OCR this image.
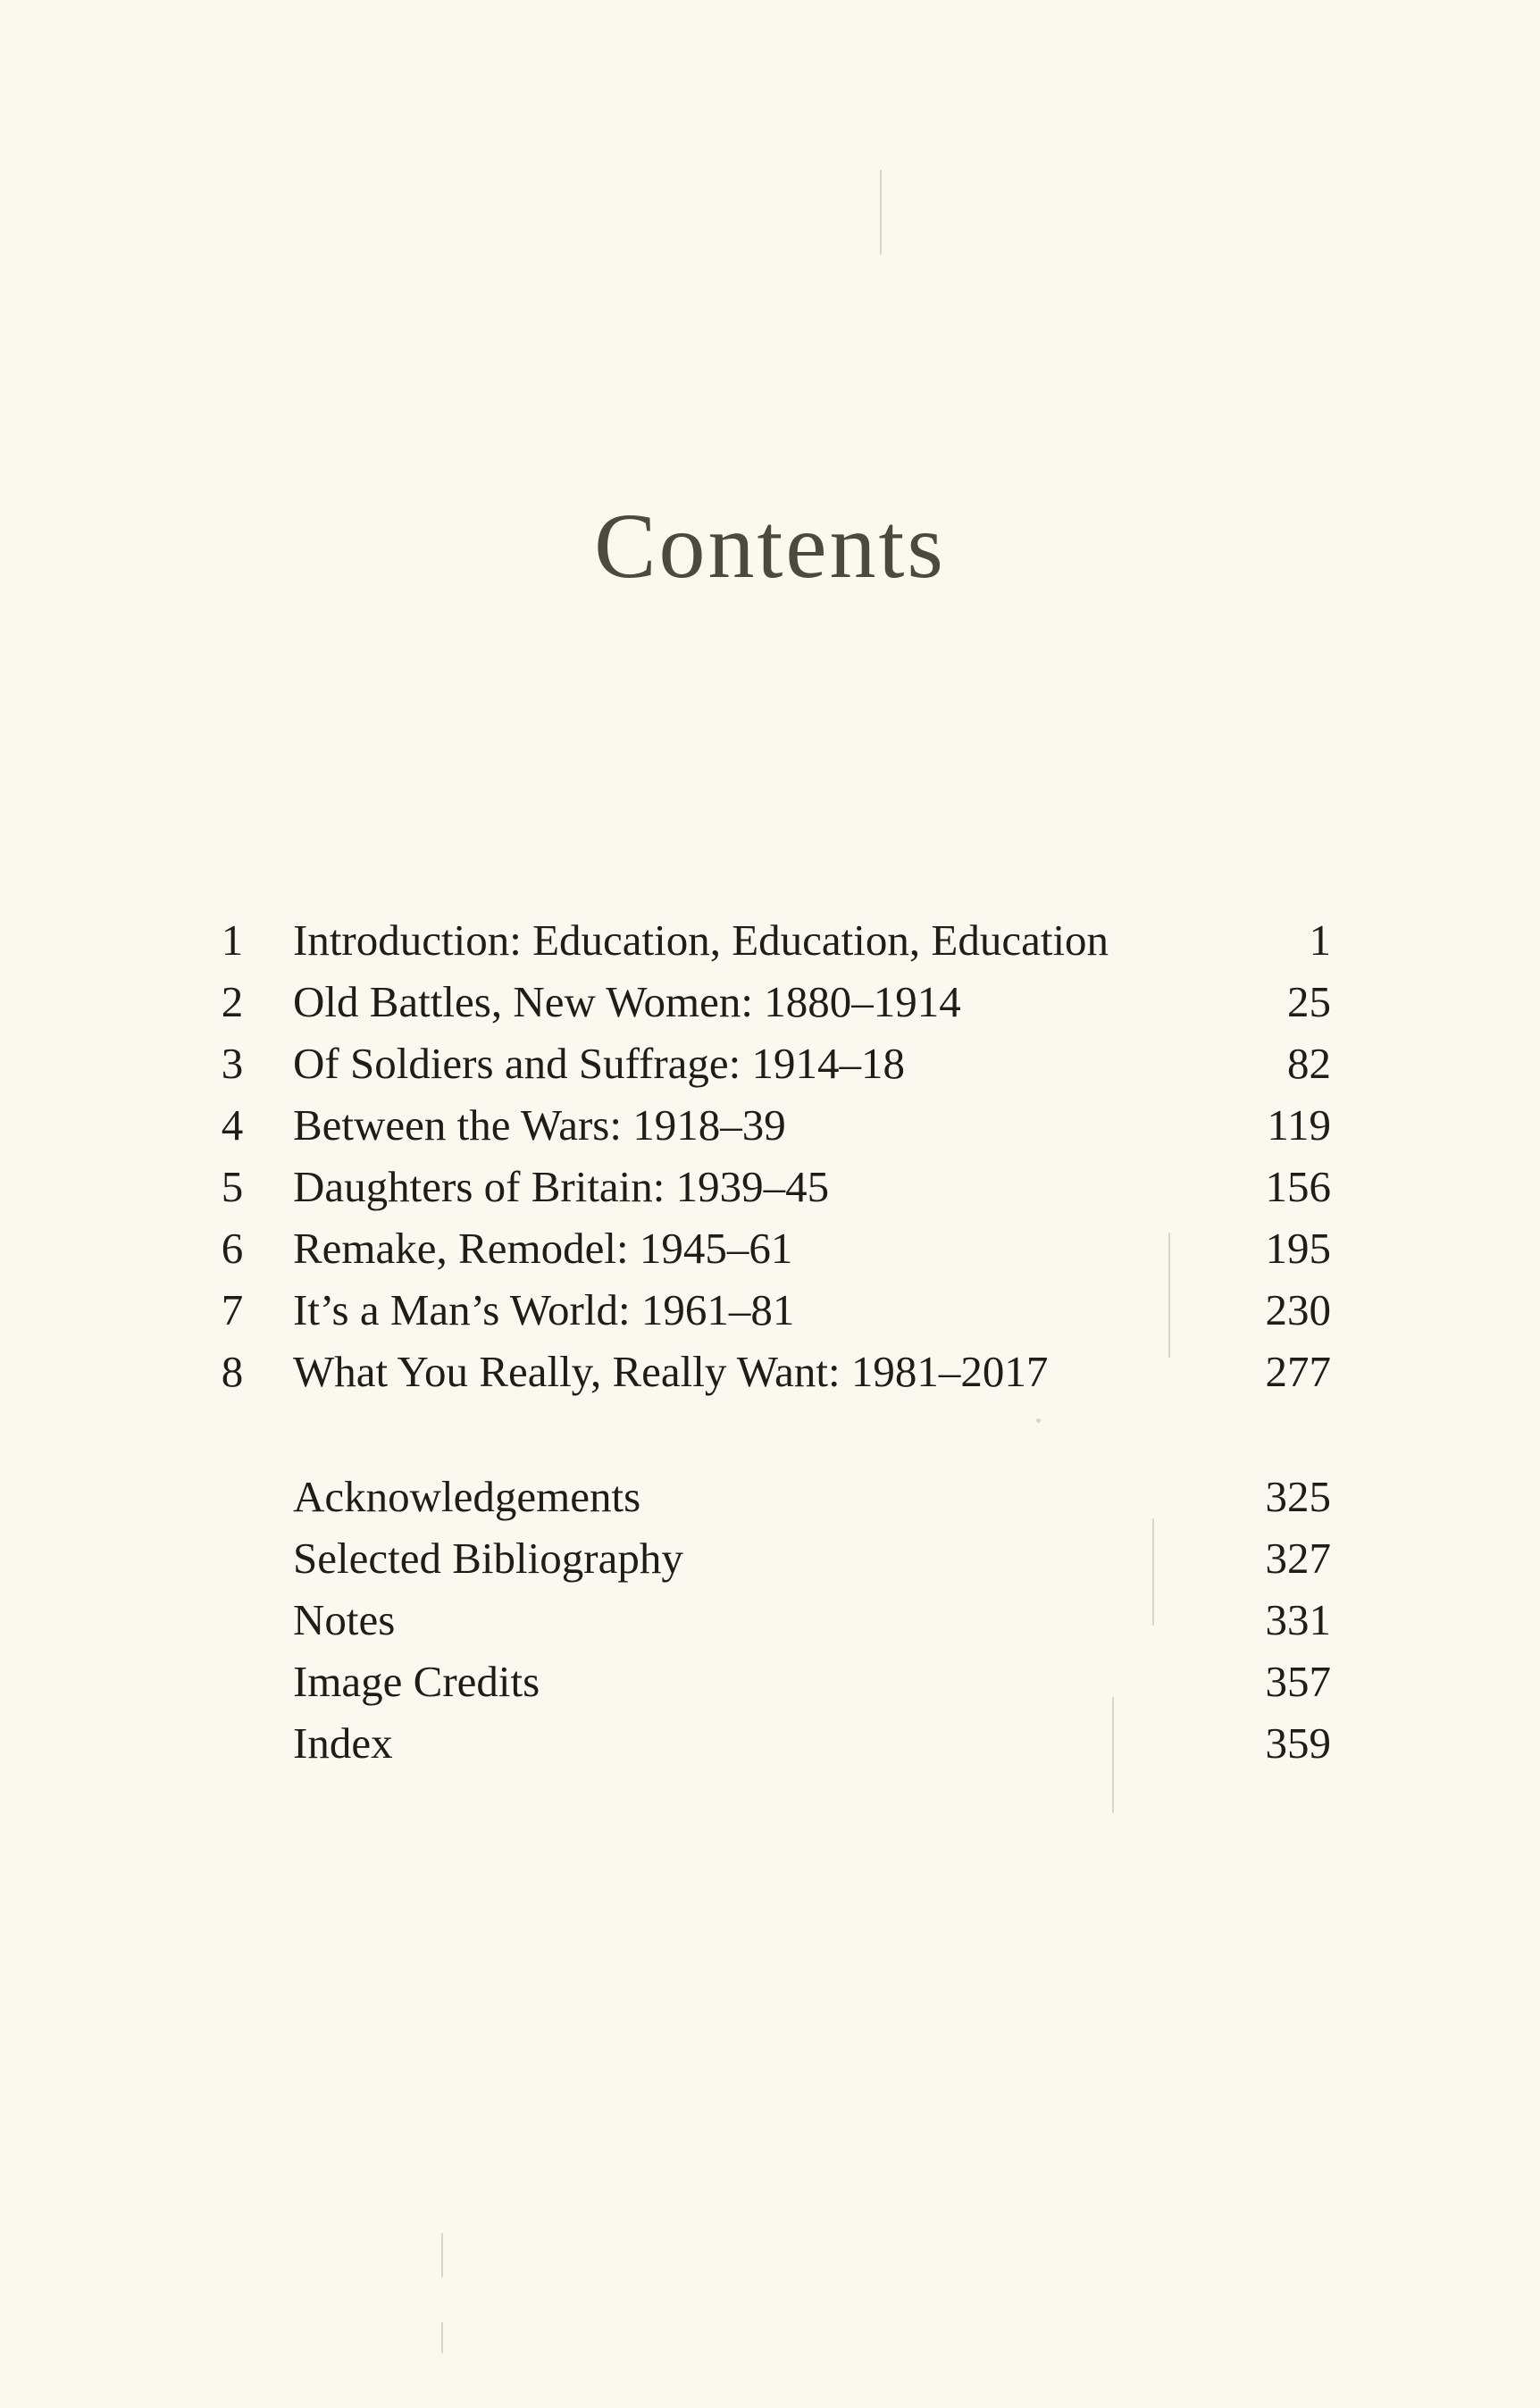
Contents
1	Introduction: Education, Education, Education	1
2	Old Battles, New Women: 1880–1914	25
3	Of Soldiers and Suffrage: 1914–18	82
4	Between the Wars: 1918–39	119
5	Daughters of Britain: 1939–45	156
6	Remake, Remodel: 1945–61	195
7	It’s a Man’s World: 1961–81	230
8	What You Really, Really Want: 1981–2017	277
Acknowledgements	325
Selected Bibliography	327
Notes	331
Image Credits	357
Index	359
